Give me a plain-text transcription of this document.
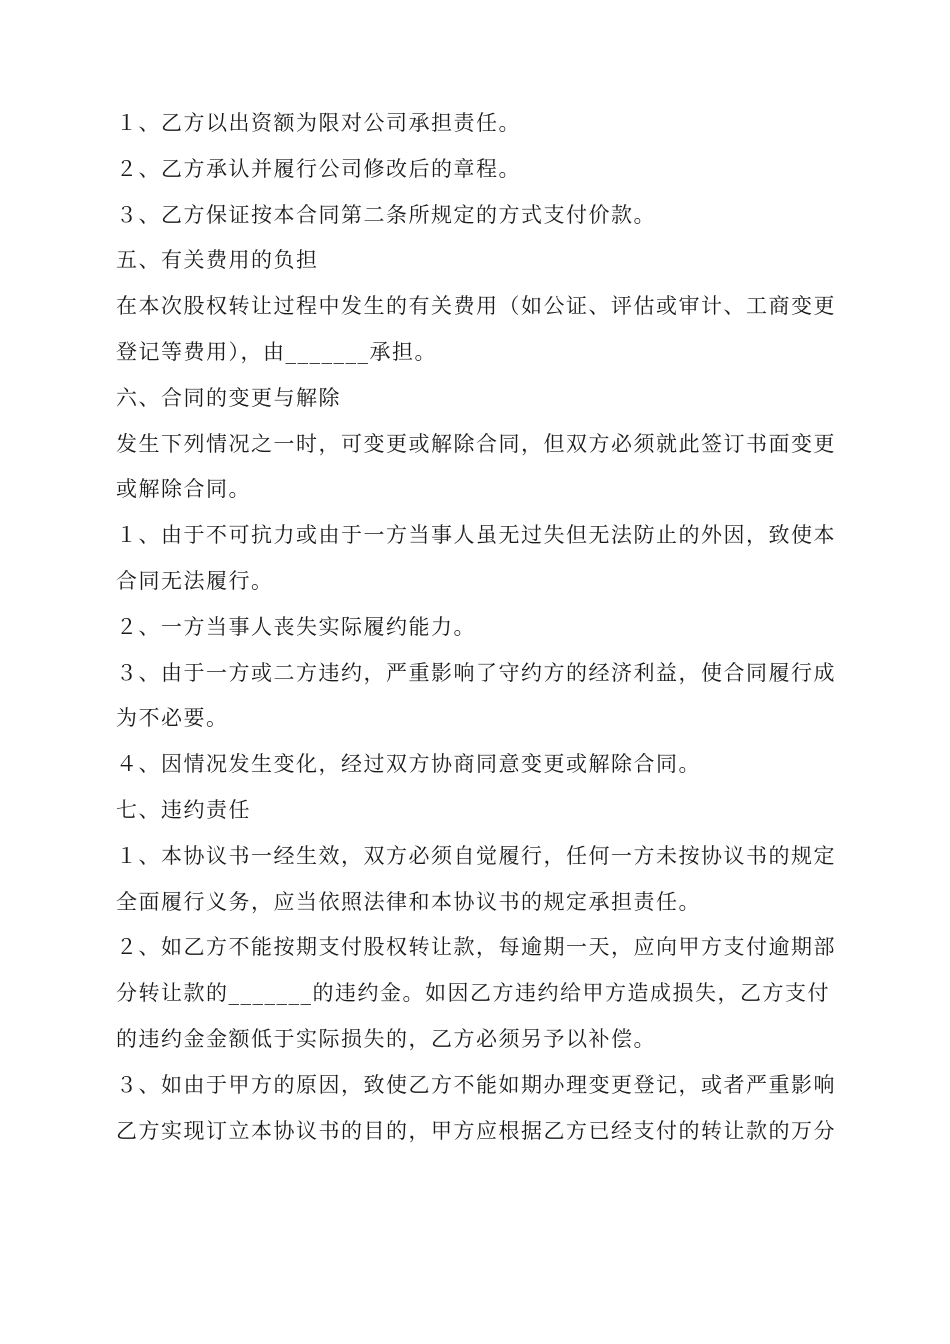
１、乙方以出资额为限对公司承担责任。
２、乙方承认并履行公司修改后的章程。
３、乙方保证按本合同第二条所规定的方式支付价款。
五、有关费用的负担
在本次股权转让过程中发生的有关费用（如公证、评估或审计、工商变更
登记等费用），由_______承担。
六、合同的变更与解除
发生下列情况之一时，可变更或解除合同，但双方必须就此签订书面变更
或解除合同。
１、由于不可抗力或由于一方当事人虽无过失但无法防止的外因，致使本
合同无法履行。
２、一方当事人丧失实际履约能力。
３、由于一方或二方违约，严重影响了守约方的经济利益，使合同履行成
为不必要。
４、因情况发生变化，经过双方协商同意变更或解除合同。
七、违约责任
１、本协议书一经生效，双方必须自觉履行，任何一方未按协议书的规定
全面履行义务，应当依照法律和本协议书的规定承担责任。
２、如乙方不能按期支付股权转让款，每逾期一天，应向甲方支付逾期部
分转让款的_______的违约金。如因乙方违约给甲方造成损失，乙方支付
的违约金金额低于实际损失的，乙方必须另予以补偿。
３、如由于甲方的原因，致使乙方不能如期办理变更登记，或者严重影响
乙方实现订立本协议书的目的，甲方应根据乙方已经支付的转让款的万分
